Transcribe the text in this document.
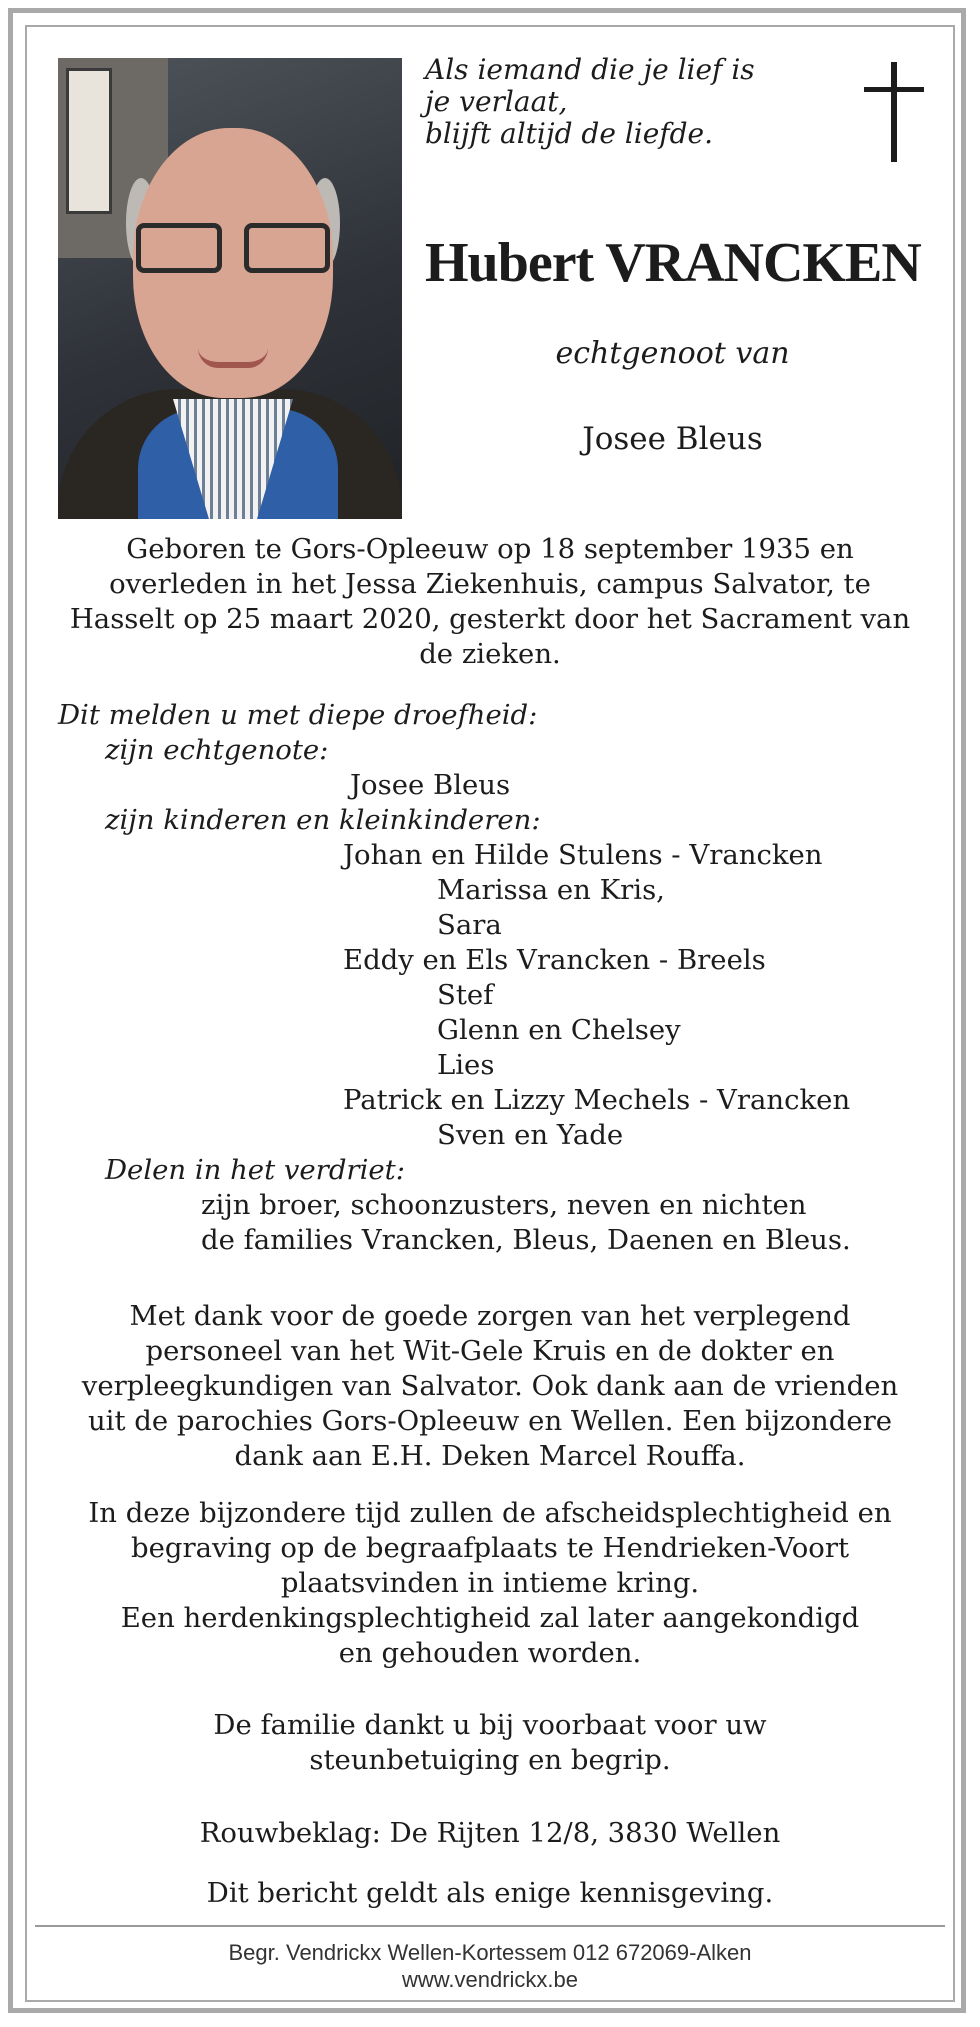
Als iemand die je lief is
je verlaat,
blijft altijd de liefde.
Hubert VRANCKEN
echtgenoot van
Josee Bleus
Geboren te Gors-Opleeuw op 18 september 1935 en
overleden in het Jessa Ziekenhuis, campus Salvator, te
Hasselt op 25 maart 2020, gesterkt door het Sacrament van
de zieken.
Dit melden u met diepe droefheid:
zijn echtgenote:
Josee Bleus
zijn kinderen en kleinkinderen:
Johan en Hilde Stulens - Vrancken
Marissa en Kris,
Sara
Eddy en Els Vrancken - Breels
Stef
Glenn en Chelsey
Lies
Patrick en Lizzy Mechels - Vrancken
Sven en Yade
Delen in het verdriet:
zijn broer, schoonzusters, neven en nichten
de families Vrancken, Bleus, Daenen en Bleus.
Met dank voor de goede zorgen van het verplegend
personeel van het Wit-Gele Kruis en de dokter en
verpleegkundigen van Salvator. Ook dank aan de vrienden
uit de parochies Gors-Opleeuw en Wellen. Een bijzondere
dank aan E.H. Deken Marcel Rouffa.
In deze bijzondere tijd zullen de afscheidsplechtigheid en
begraving op de begraafplaats te Hendrieken-Voort
plaatsvinden in intieme kring.
Een herdenkingsplechtigheid zal later aangekondigd
en gehouden worden.
De familie dankt u bij voorbaat voor uw
steunbetuiging en begrip.
Rouwbeklag: De Rijten 12/8, 3830 Wellen
Dit bericht geldt als enige kennisgeving.
Begr. Vendrickx Wellen-Kortessem 012 672069-Alken
www.vendrickx.be
